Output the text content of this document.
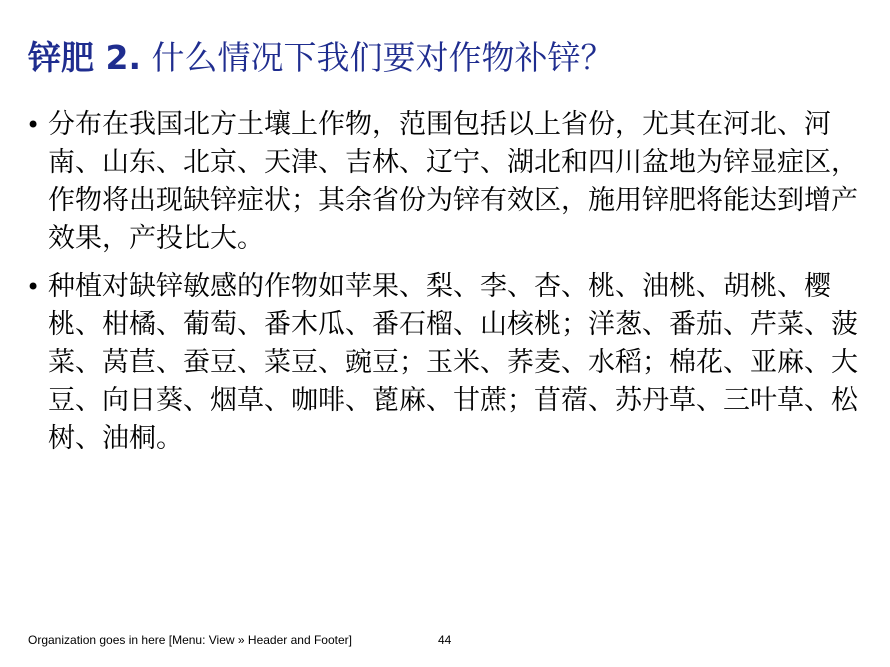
锌肥 2. 什么情况下我们要对作物补锌？
• 分布在我国北方土壤上作物，范围包括以上省份，尤其在河北、河南、山东、北京、天津、吉林、辽宁、湖北和四川盆地为锌显症区，作物将出现缺锌症状；其余省份为锌有效区，施用锌肥将能达到增产效果，产投比大。
• 种植对缺锌敏感的作物如苹果、梨、李、杏、桃、油桃、胡桃、樱桃、柑橘、葡萄、番木瓜、番石榴、山核桃；洋葱、番茄、芹菜、菠菜、莴苣、蚕豆、菜豆、豌豆；玉米、荞麦、水稻；棉花、亚麻、大豆、向日葵、烟草、咖啡、蓖麻、甘蔗；苜蓿、苏丹草、三叶草、松树、油桐。
Organization goes in here [Menu: View » Header and Footer]	44
